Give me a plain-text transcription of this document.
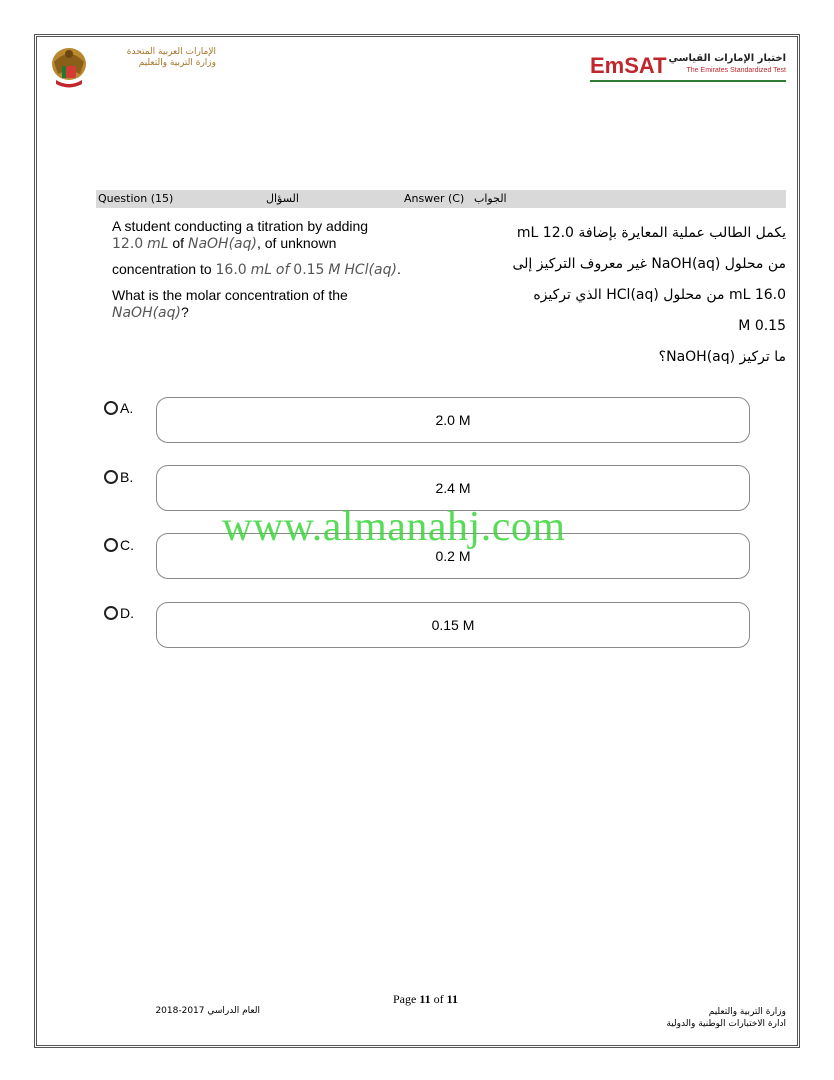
الإمارات العربية المتحدة
وزارة التربية والتعليم	EmSAT اختبار الإمارات القياسي
The Emirates Standardized Test
Question (15)	السؤال	Answer (C) الجواب

A student conducting a titration by adding

12.0 mL of NaOH(aq), of unknown

concentration to 16.0 mL of 0.15 M HCl(aq).

What is the molar concentration of the

NaOH(aq)?

يكمل الطالب عملية المعايرة بإضافة 12.0 mL
من محلول NaOH(aq) غير معروف التركيز إلى
16.0 mL من محلول HCl(aq) الذي تركيزه
0.15 M
ما تركيز NaOH(aq)؟
A.
2.0 M
B.
2.4 M
C.
0.2 M
D.
0.15 M
www.almanahj.com
Page 11 of 11
العام الدراسي 2017-2018	وزارة التربية والتعليم
ادارة الاختبارات الوطنية والدولية
